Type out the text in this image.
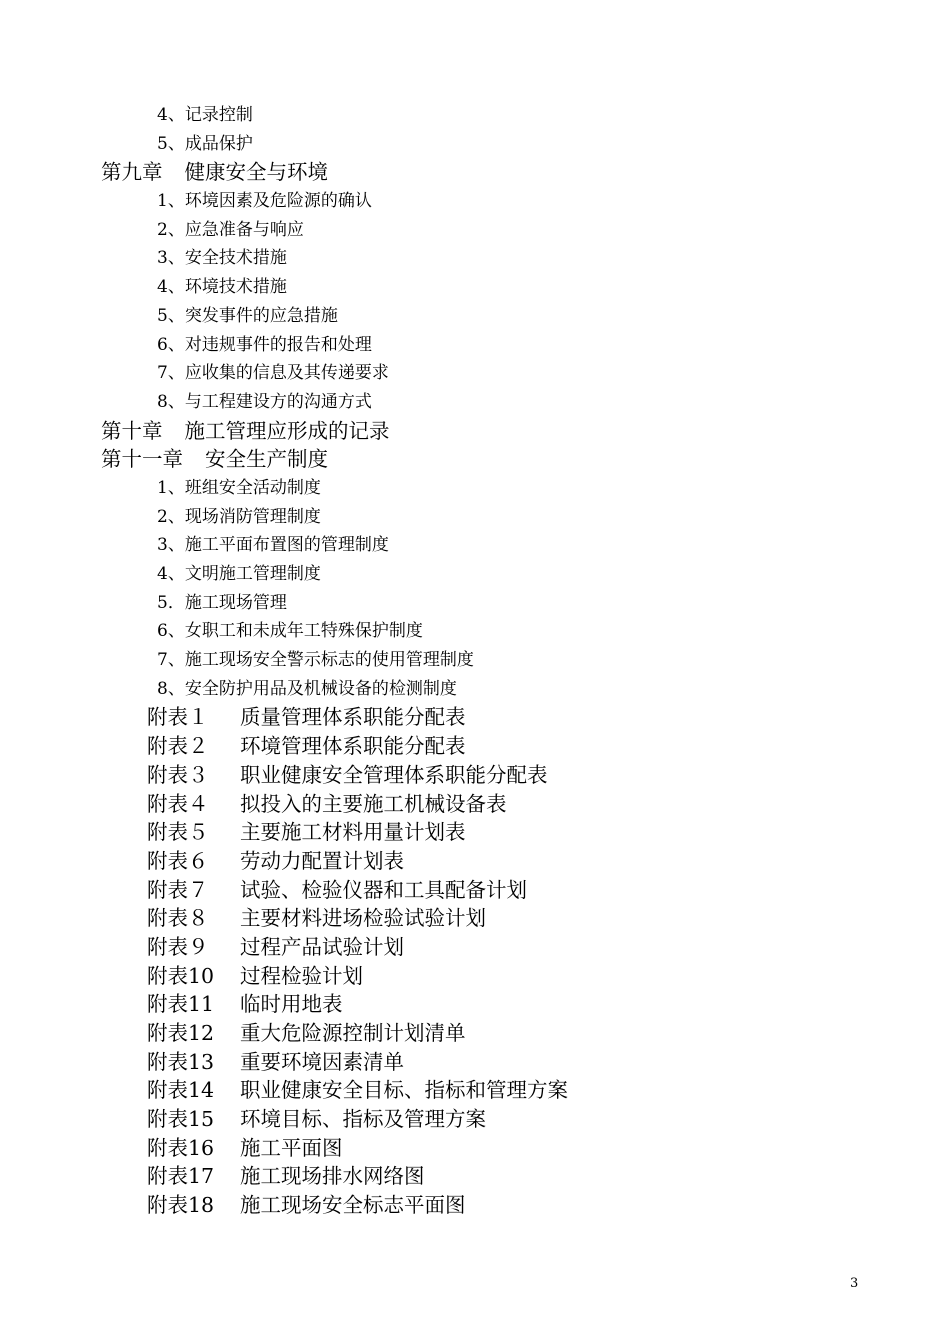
4、记录控制
5、成品保护
第九章 健康安全与环境
1、环境因素及危险源的确认
2、应急准备与响应
3、安全技术措施
4、环境技术措施
5、突发事件的应急措施
6、对违规事件的报告和处理
7、应收集的信息及其传递要求
8、与工程建设方的沟通方式
第十章 施工管理应形成的记录
第十一章 安全生产制度
1、班组安全活动制度
2、现场消防管理制度
3、施工平面布置图的管理制度
4、文明施工管理制度
5．施工现场管理
6、女职工和未成年工特殊保护制度
7、施工现场安全警示标志的使用管理制度
8、安全防护用品及机械设备的检测制度
附表１ 质量管理体系职能分配表
附表２ 环境管理体系职能分配表
附表３ 职业健康安全管理体系职能分配表
附表４ 拟投入的主要施工机械设备表
附表５ 主要施工材料用量计划表
附表６ 劳动力配置计划表
附表７ 试验、检验仪器和工具配备计划
附表８ 主要材料进场检验试验计划
附表９ 过程产品试验计划
附表10 过程检验计划
附表11 临时用地表
附表12 重大危险源控制计划清单
附表13 重要环境因素清单
附表14 职业健康安全目标、指标和管理方案
附表15 环境目标、指标及管理方案
附表16 施工平面图
附表17 施工现场排水网络图
附表18 施工现场安全标志平面图
3
